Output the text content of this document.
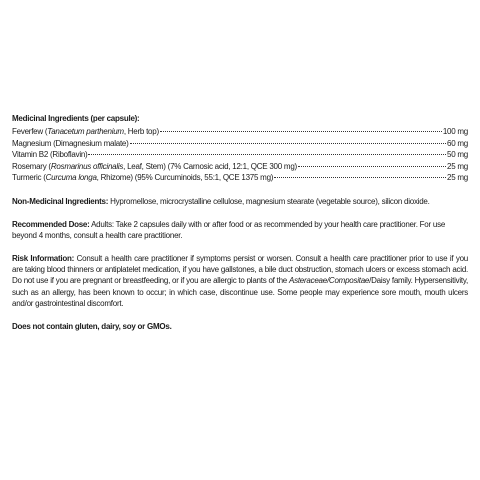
Medicinal Ingredients (per capsule):
Feverfew (Tanacetum parthenium, Herb top)	100 mg
Magnesium (Dimagnesium malate)	60 mg
Vitamin B2 (Riboflavin)	50 mg
Rosemary (Rosmarinus officinalis, Leaf, Stem) (7% Carnosic acid, 12:1, QCE 300 mg)	25 mg
Turmeric (Curcuma longa, Rhizome) (95% Curcuminoids, 55:1, QCE 1375 mg)	25 mg
Non-Medicinal Ingredients: Hypromellose, microcrystalline cellulose, magnesium stearate (vegetable source), silicon dioxide.
Recommended Dose: Adults: Take 2 capsules daily with or after food or as recommended by your health care practitioner. For use beyond 4 months, consult a health care practitioner.
Risk Information: Consult a health care practitioner if symptoms persist or worsen. Consult a health care practitioner prior to use if you are taking blood thinners or antiplatelet medication, if you have gallstones, a bile duct obstruction, stomach ulcers or excess stomach acid. Do not use if you are pregnant or breastfeeding, or if you are allergic to plants of the Asteraceae/Compositae/Daisy family. Hypersensitivity, such as an allergy, has been known to occur; in which case, discontinue use. Some people may experience sore mouth, mouth ulcers and/or gastrointestinal discomfort.
Does not contain gluten, dairy, soy or GMOs.
